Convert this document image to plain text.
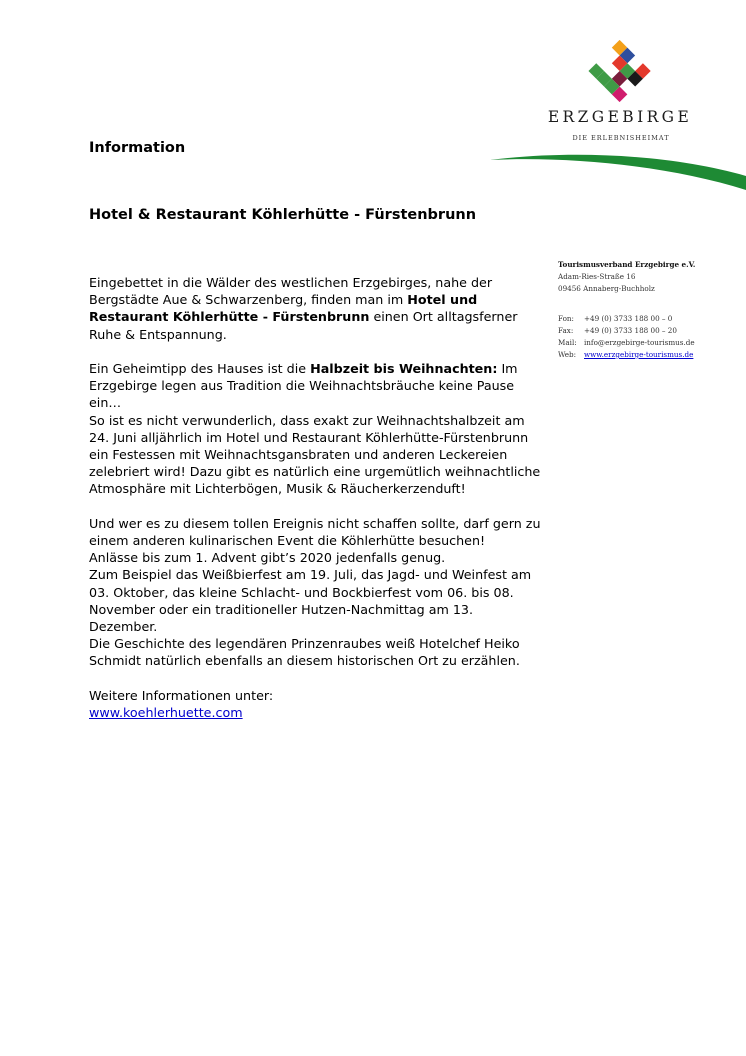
ERZGEBIRGE
DIE ERLEBNISHEIMAT
Information
Hotel & Restaurant Köhlerhütte - Fürstenbrunn
Tourismusverband Erzgebirge e.V.
Adam-Ries-Straße 16
09456 Annaberg-Buchholz
Fon: +49 (0) 3733 188 00 – 0
Fax: +49 (0) 3733 188 00 – 20
Mail: info@erzgebirge-tourismus.de
Web: www.erzgebirge-tourismus.de

Eingebettet in die Wälder des westlichen Erzgebirges, nahe der Bergstädte Aue & Schwarzenberg, finden man im Hotel und Restaurant Köhlerhütte - Fürstenbrunn einen Ort alltagsferner Ruhe & Entspannung.

Ein Geheimtipp des Hauses ist die Halbzeit bis Weihnachten: Im Erzgebirge legen aus Tradition die Weihnachtsbräuche keine Pause ein…
So ist es nicht verwunderlich, dass exakt zur Weihnachtshalbzeit am 24. Juni alljährlich im Hotel und Restaurant Köhlerhütte-Fürstenbrunn ein Festessen mit Weihnachtsgansbraten und anderen Leckereien zelebriert wird! Dazu gibt es natürlich eine urgemütlich weihnachtliche Atmosphäre mit Lichterbögen, Musik & Räucherkerzenduft!

Und wer es zu diesem tollen Ereignis nicht schaffen sollte, darf gern zu einem anderen kulinarischen Event die Köhlerhütte besuchen!
Anlässe bis zum 1. Advent gibt’s 2020 jedenfalls genug.
Zum Beispiel das Weißbierfest am 19. Juli, das Jagd- und Weinfest am 03. Oktober, das kleine Schlacht- und Bockbierfest vom 06. bis 08. November oder ein traditioneller Hutzen-Nachmittag am 13. Dezember.
Die Geschichte des legendären Prinzenraubes weiß Hotelchef Heiko Schmidt natürlich ebenfalls an diesem historischen Ort zu erzählen.

Weitere Informationen unter:
www.koehlerhuette.com
